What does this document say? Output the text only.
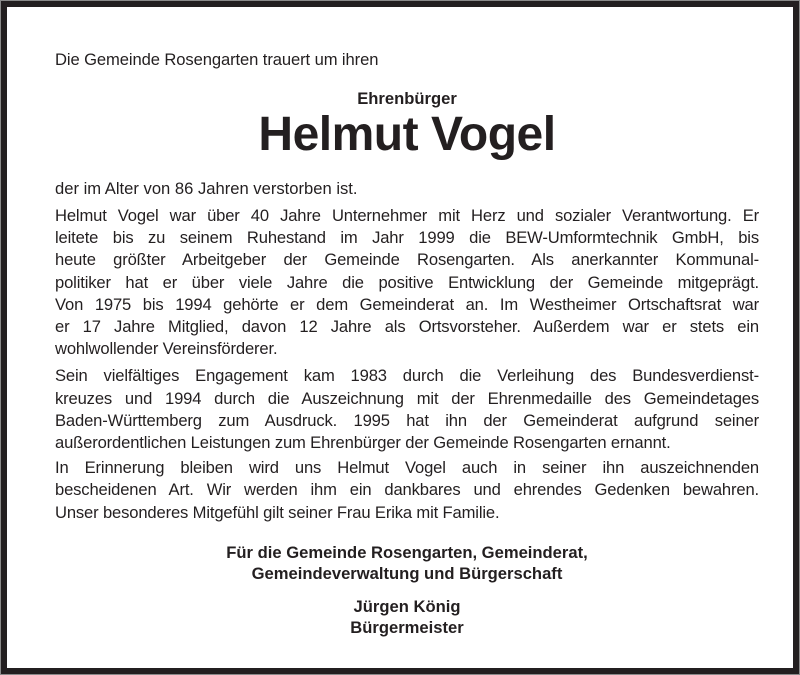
Die Gemeinde Rosengarten trauert um ihren

Ehrenbürger

Helmut Vogel

der im Alter von 86 Jahren verstorben ist.

Helmut Vogel war über 40 Jahre Unternehmer mit Herz und sozialer Verantwortung. Er
leitete bis zu seinem Ruhestand im Jahr 1999 die BEW-Umformtechnik GmbH, bis
heute größter Arbeitgeber der Gemeinde Rosengarten. Als anerkannter Kommunal-
politiker hat er über viele Jahre die positive Entwicklung der Gemeinde mitgeprägt.
Von 1975 bis 1994 gehörte er dem Gemeinderat an. Im Westheimer Ortschaftsrat war
er 17 Jahre Mitglied, davon 12 Jahre als Ortsvorsteher. Außerdem war er stets ein
wohlwollender Vereinsförderer.

Sein vielfältiges Engagement kam 1983 durch die Verleihung des Bundesverdienst-
kreuzes und 1994 durch die Auszeichnung mit der Ehrenmedaille des Gemeindetages
Baden-Württemberg zum Ausdruck. 1995 hat ihn der Gemeinderat aufgrund seiner
außerordentlichen Leistungen zum Ehrenbürger der Gemeinde Rosengarten ernannt.

In Erinnerung bleiben wird uns Helmut Vogel auch in seiner ihn auszeichnenden
bescheidenen Art. Wir werden ihm ein dankbares und ehrendes Gedenken bewahren.
Unser besonderes Mitgefühl gilt seiner Frau Erika mit Familie.

Für die Gemeinde Rosengarten, Gemeinderat,
Gemeindeverwaltung und Bürgerschaft
Jürgen König
Bürgermeister
